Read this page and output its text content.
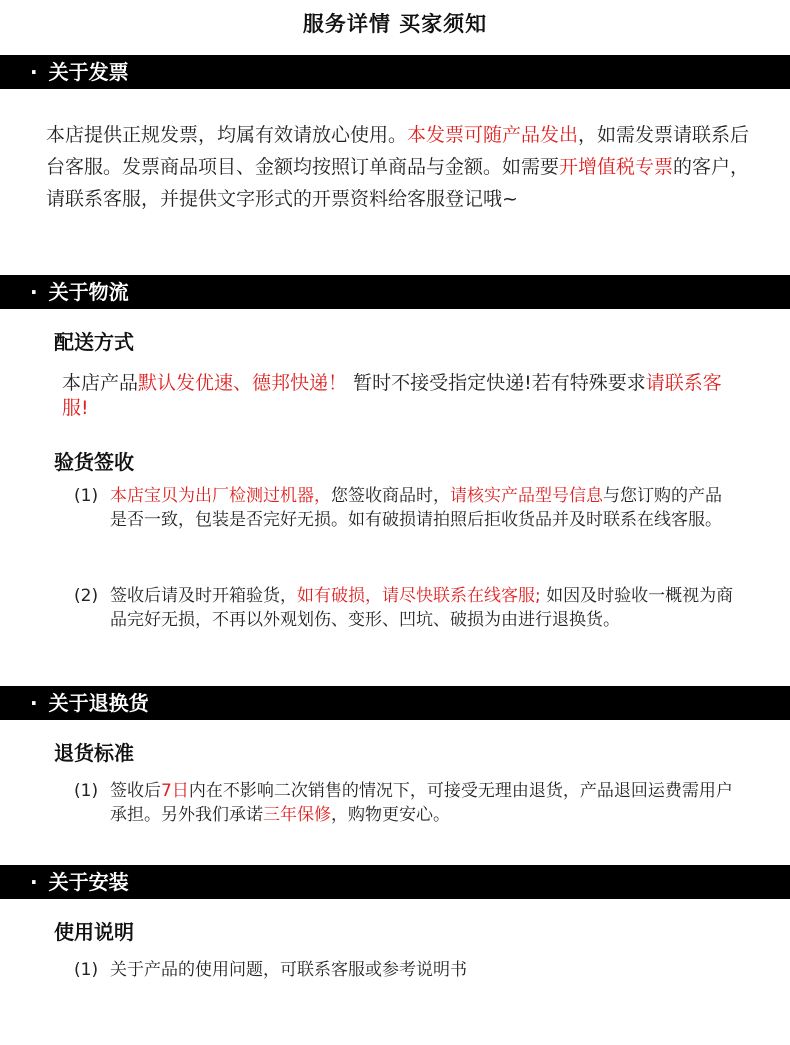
服务详情 买家须知
· 关于发票
本店提供正规发票，均属有效请放心使用。本发票可随产品发出，如需发票请联系后台客服。发票商品项目、金额均按照订单商品与金额。如需要开增值税专票的客户，请联系客服，并提供文字形式的开票资料给客服登记哦~
· 关于物流
配送方式
本店产品默认发优速、德邦快递！ 暂时不接受指定快递!若有特殊要求请联系客服!
验货签收
(1) 本店宝贝为出厂检测过机器，您签收商品时，请核实产品型号信息与您订购的产品是否一致，包装是否完好无损。如有破损请拍照后拒收货品并及时联系在线客服。
(2) 签收后请及时开箱验货，如有破损，请尽快联系在线客服; 如因及时验收一概视为商品完好无损，不再以外观划伤、变形、凹坑、破损为由进行退换货。
· 关于退换货
退货标准
(1) 签收后7日内在不影响二次销售的情况下，可接受无理由退货，产品退回运费需用户承担。另外我们承诺三年保修，购物更安心。
· 关于安装
使用说明
(1) 关于产品的使用问题，可联系客服或参考说明书
